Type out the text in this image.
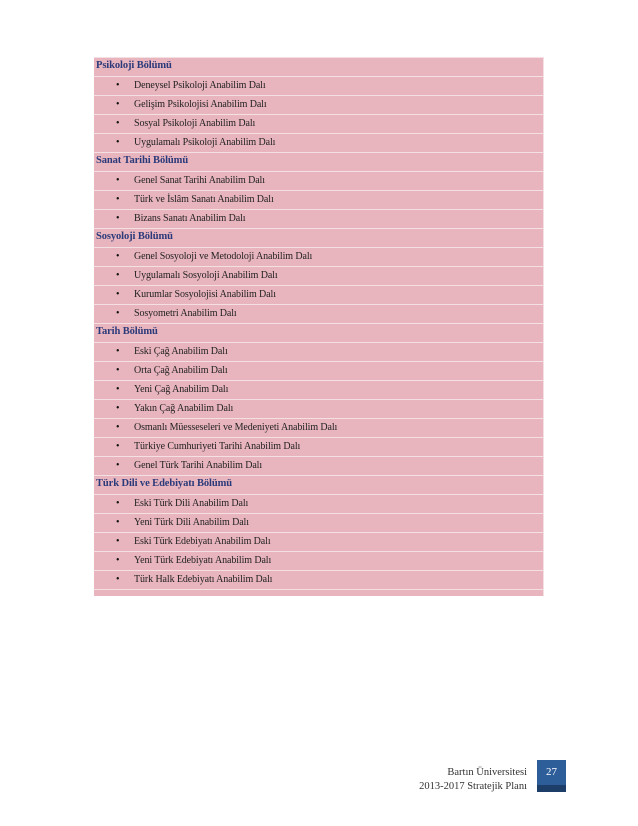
Psikoloji Bölümü
• Deneysel Psikoloji Anabilim Dalı
• Gelişim Psikolojisi Anabilim Dalı
• Sosyal Psikoloji Anabilim Dalı
• Uygulamalı Psikoloji Anabilim Dalı
Sanat Tarihi Bölümü
• Genel Sanat Tarihi Anabilim Dalı
• Türk ve İslâm Sanatı Anabilim Dalı
• Bizans Sanatı Anabilim Dalı
Sosyoloji Bölümü
• Genel Sosyoloji ve Metodoloji Anabilim Dalı
• Uygulamalı Sosyoloji Anabilim Dalı
• Kurumlar Sosyolojisi Anabilim Dalı
• Sosyometri Anabilim Dalı
Tarih Bölümü
• Eski Çağ Anabilim Dalı
• Orta Çağ Anabilim Dalı
• Yeni Çağ Anabilim Dalı
• Yakın Çağ Anabilim Dalı
• Osmanlı Müesseseleri ve Medeniyeti Anabilim Dalı
• Türkiye Cumhuriyeti Tarihi Anabilim Dalı
• Genel Türk Tarihi Anabilim Dalı
Türk Dili ve Edebiyatı Bölümü
• Eski Türk Dili Anabilim Dalı
• Yeni Türk Dili Anabilim Dalı
• Eski Türk Edebiyatı Anabilim Dalı
• Yeni Türk Edebiyatı Anabilim Dalı
• Türk Halk Edebiyatı Anabilim Dalı
Bartın Üniversitesi
2013-2017 Stratejik Planı
27
